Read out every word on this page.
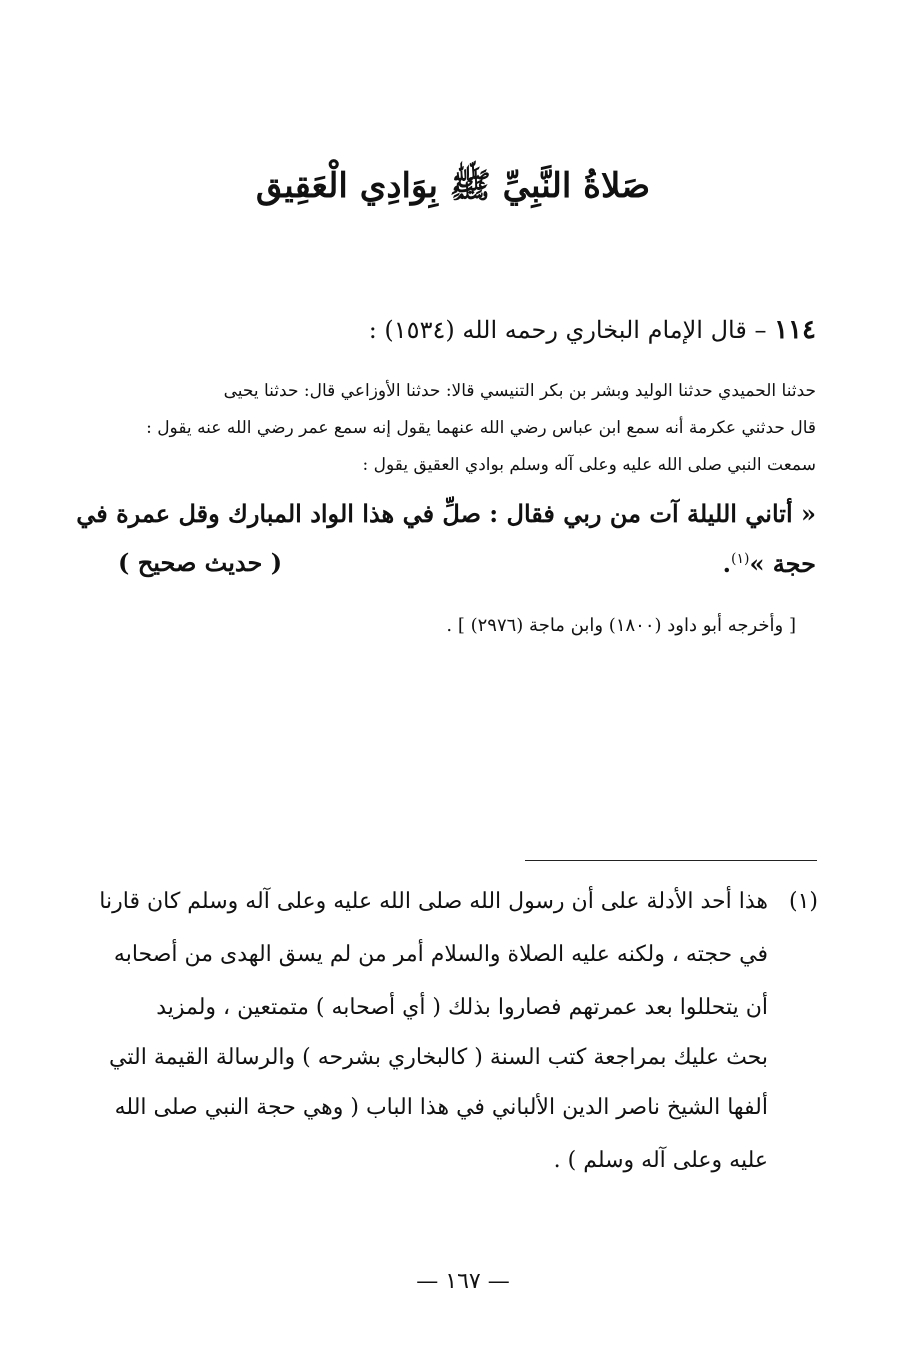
صَلاةُ النَّبِيِّ ﷺ بِوَادِي الْعَقِيق
١١٤ – قال الإمام البخاري رحمه الله (١٥٣٤) :
حدثنا الحميدي حدثنا الوليد وبشر بن بكر التنيسي قالا: حدثنا الأوزاعي قال: حدثنا يحيى
قال حدثني عكرمة أنه سمع ابن عباس رضي الله عنهما يقول إنه سمع عمر رضي الله عنه يقول :
سمعت النبي صلى الله عليه وعلى آله وسلم بوادي العقيق يقول :
« أتاني الليلة آت من ربي فقال : صلِّ في هذا الواد المبارك وقل عمرة في
حجة »$^{(١)}$.
( حديث صحيح )
[ وأخرجه أبو داود (١٨٠٠) وابن ماجة (٢٩٧٦) ] .
(١)
هذا أحد الأدلة على أن رسول الله صلى الله عليه وعلى آله وسلم كان قارنا
في حجته ، ولكنه عليه الصلاة والسلام أمر من لم يسق الهدى من أصحابه
أن يتحللوا بعد عمرتهم فصاروا بذلك ( أي أصحابه ) متمتعين ، ولمزيد
بحث عليك بمراجعة كتب السنة ( كالبخاري بشرحه ) والرسالة القيمة التي
ألفها الشيخ ناصر الدين الألباني في هذا الباب ( وهي حجة النبي صلى الله
عليه وعلى آله وسلم ) .
— ١٦٧ —
